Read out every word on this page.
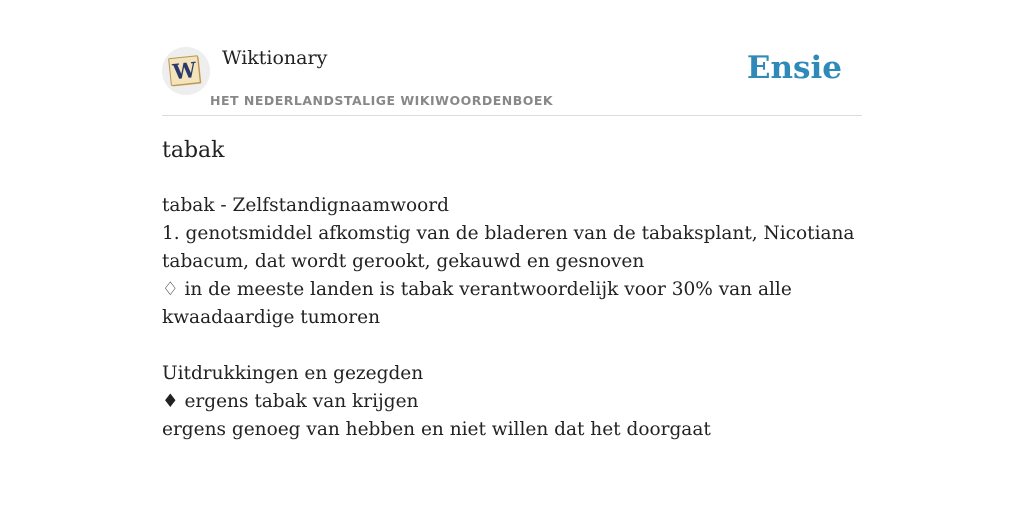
W Wiktionary
HET NEDERLANDSTALIGE WIKIWOORDENBOEK
Ensie
tabak
tabak - Zelfstandignaamwoord
1. genotsmiddel afkomstig van de bladeren van de tabaksplant, Nicotiana tabacum, dat wordt gerookt, gekauwd en gesnoven
♢ in de meeste landen is tabak verantwoordelijk voor 30% van alle kwaadaardige tumoren
Uitdrukkingen en gezegden
♦ ergens tabak van krijgen
ergens genoeg van hebben en niet willen dat het doorgaat
